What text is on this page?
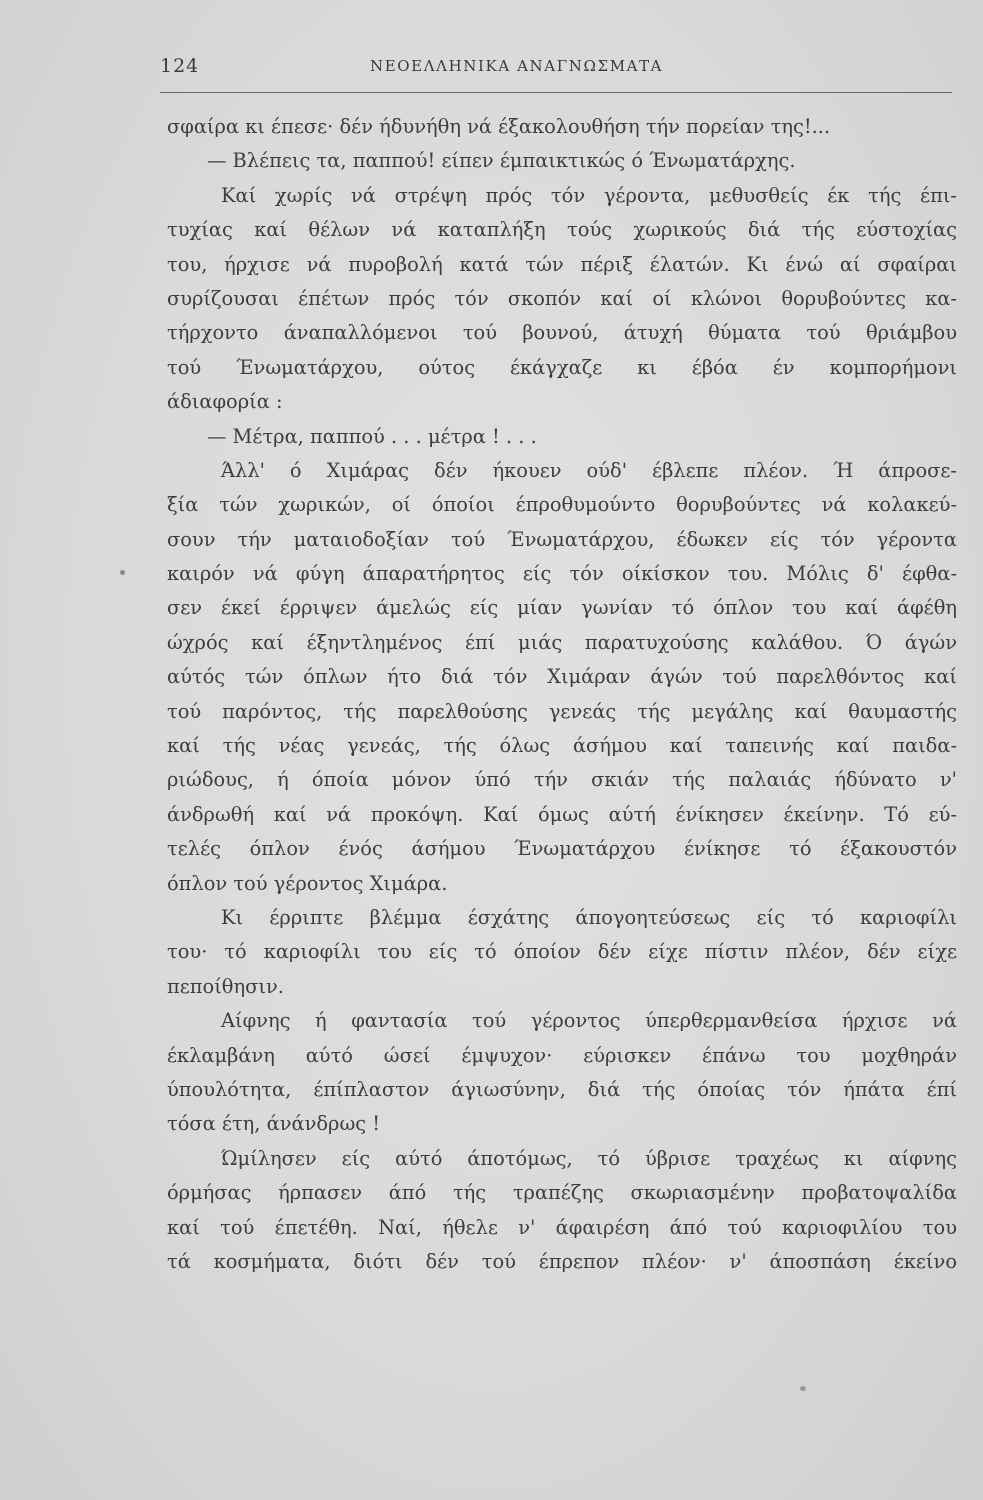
124	ΝΕΟΕΛΛΗΝΙΚΑ ΑΝΑΓΝΩΣΜΑΤΑ
σφαίρα κι έπεσε· δέν ήδυνήθη νά έξακολουθήση τήν πορείαν της!...
— Βλέπεις τα, παππού! είπεν έμπαικτικώς ό Ένωματάρχης.
Καί χωρίς νά στρέψη πρός τόν γέροντα, μεθυσθείς έκ τής έπι-
τυχίας καί θέλων νά καταπλήξη τούς χωρικούς διά τής εύστοχίας
του, ήρχισε νά πυροβολή κατά τών πέριξ έλατών. Κι ένώ αί σφαίραι
συρίζουσαι έπέτων πρός τόν σκοπόν καί οί κλώνοι θορυβούντες κα-
τήρχοντο άναπαλλόμενοι τού βουνού, άτυχή θύματα τού θριάμβου
τού Ένωματάρχου, ούτος έκάγχαζε κι έβόα έν κομπορήμονι
άδιαφορία :
— Μέτρα, παππού . . . μέτρα ! . . .
Άλλ' ό Χιμάρας δέν ήκουεν ούδ' έβλεπε πλέον. Ή άπροσε-
ξία τών χωρικών, οί όποίοι έπροθυμούντο θορυβούντες νά κολακεύ-
σουν τήν ματαιοδοξίαν τού Ένωματάρχου, έδωκεν είς τόν γέροντα
καιρόν νά φύγη άπαρατήρητος είς τόν οίκίσκον του. Μόλις δ' έφθα-
σεν έκεί έρριψεν άμελώς είς μίαν γωνίαν τό όπλον του καί άφέθη
ώχρός καί έξηντλημένος έπί μιάς παρατυχούσης καλάθου. Ό άγών
αύτός τών όπλων ήτο διά τόν Χιμάραν άγών τού παρελθόντος καί
τού παρόντος, τής παρελθούσης γενεάς τής μεγάλης καί θαυμαστής
καί τής νέας γενεάς, τής όλως άσήμου καί ταπεινής καί παιδα-
ριώδους, ή όποία μόνον ύπό τήν σκιάν τής παλαιάς ήδύνατο ν'
άνδρωθή καί νά προκόψη. Καί όμως αύτή ένίκησεν έκείνην. Τό εύ-
τελές όπλον ένός άσήμου Ένωματάρχου ένίκησε τό έξακουστόν
όπλον τού γέροντος Χιμάρα.
Κι έρριπτε βλέμμα έσχάτης άπογοητεύσεως είς τό καριοφίλι
του· τό καριοφίλι του είς τό όποίον δέν είχε πίστιν πλέον, δέν είχε
πεποίθησιν.
Αίφνης ή φαντασία τού γέροντος ύπερθερμανθείσα ήρχισε νά
έκλαμβάνη αύτό ώσεί έμψυχον· εύρισκεν έπάνω του μοχθηράν
ύπουλότητα, έπίπλαστον άγιωσύνην, διά τής όποίας τόν ήπάτα έπί
τόσα έτη, άνάνδρως !
Ώμίλησεν είς αύτό άποτόμως, τό ύβρισε τραχέως κι αίφνης
όρμήσας ήρπασεν άπό τής τραπέζης σκωριασμένην προβατοψαλίδα
καί τού έπετέθη. Ναί, ήθελε ν' άφαιρέση άπό τού καριοφιλίου του
τά κοσμήματα, διότι δέν τού έπρεπον πλέον· ν' άποσπάση έκείνο
